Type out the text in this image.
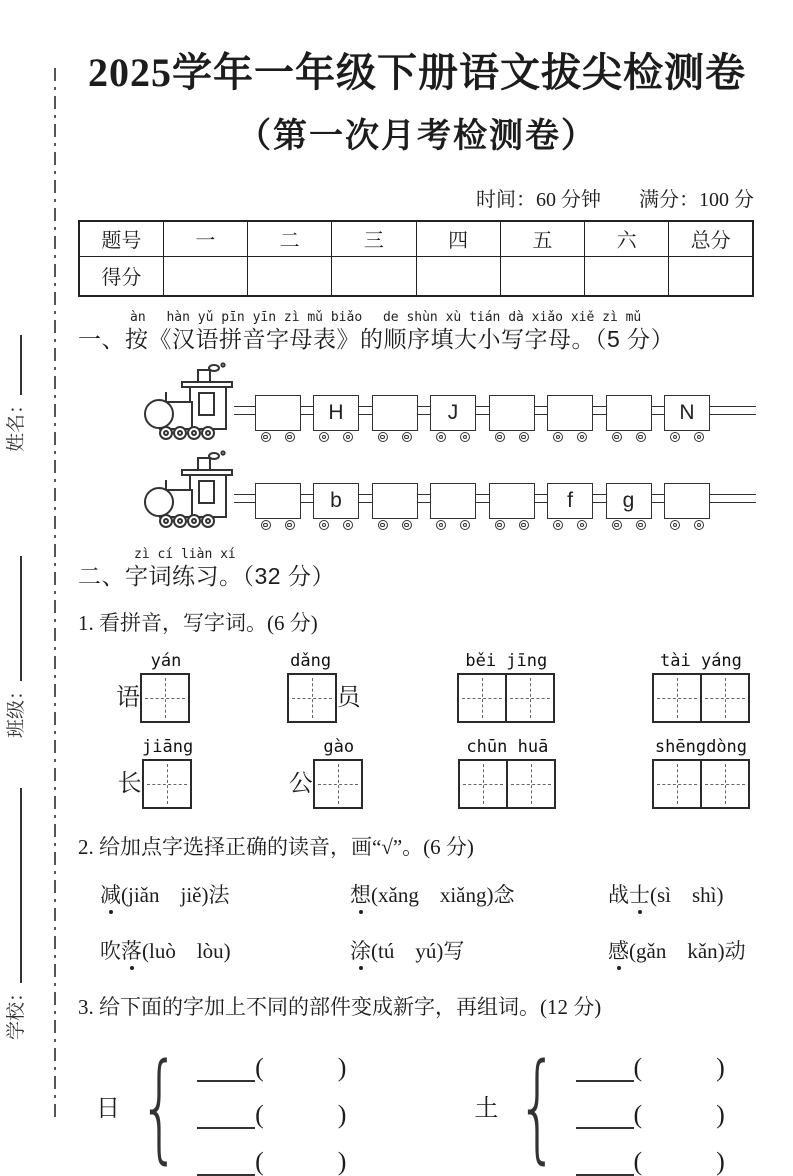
姓名：
班级：
学校：
2025学年一年级下册语文拔尖检测卷
（第一次月考检测卷）
时间：60 分钟 满分：100 分
题号	一	二	三	四	五	六	总分
得分							
àn　 hàn yǔ pīn yīn zì mǔ biǎo　 de shùn xù tián dà xiǎo xiě zì mǔ
一、按《汉语拼音字母表》的顺序填大小写字母。（5 分）
H	J	N
b	f g
zì cí liàn xí
二、字词练习。（32 分）
1. 看拼音，写字词。(6 分)
yán
语
dǎng
员
běi jīng	tài yáng
jiāng
长
gào
公
chūn huā	shēngdòng
2. 给加点字选择正确的读音，画“√”。(6 分)
减(jiǎn　jiě)法	想(xǎng　xiǎng)念	战士(sì　shì)
吹落(luò　lòu)	涂(tú　yú)写	感(gǎn　kǎn)动
3. 给下面的字加上不同的部件变成新字，再组词。(12 分)
日 {	(	)
(	)
(	)
土 {	(	)
(	)
(	)
